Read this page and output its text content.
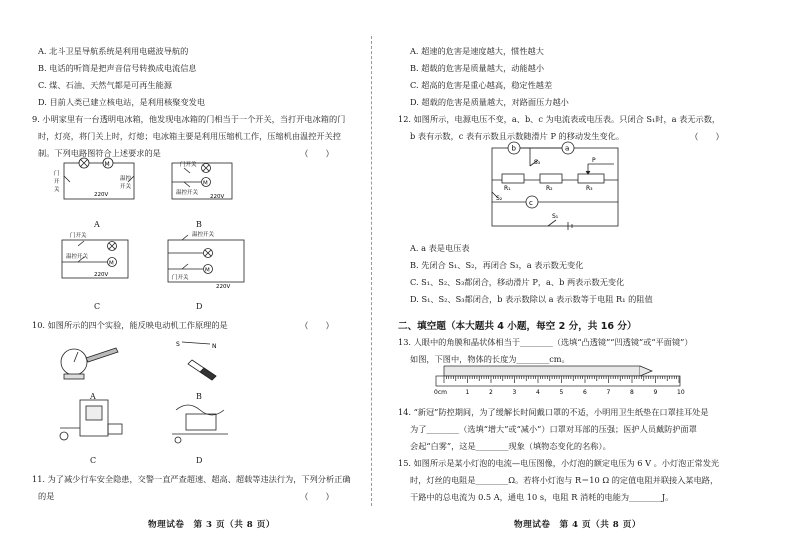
A. 北斗卫星导航系统是利用电磁波导航的
B. 电话的听筒是把声音信号转换成电流信息
C. 煤、石油、天然气都是可再生能源
D. 目前人类已建立核电站，是利用核聚变发电
9. 小明家里有一台透明电冰箱，他发现电冰箱的门相当于一个开关，当打开电冰箱的门
时，灯亮，将门关上时，灯熄；电冰箱主要是利用压缩机工作，压缩机由温控开关控
制。下列电路图符合上述要求的是	（　　）
M
220V
门
开
关
温控
开关
A
M
门开关
温控开关
220V
B
M
门开关
温控开关
220V
C
M
温控开关
门开关
220V
D
10. 如图所示的四个实验，能反映电动机工作原理的是	（　　）
A
S	N
B
C	D
11. 为了减少行车安全隐患，交警一直严查超速、超高、超载等违法行为，下列分析正确
的是	（　　）
物理试卷　第 3 页（共 8 页）
A. 超速的危害是速度越大，惯性越大
B. 超载的危害是质量越大，动能越小
C. 超高的危害是重心越高，稳定性越差
D. 超载的危害是质量越大，对路面压力越小
12. 如图所示，电源电压不变，a、b、c 为电流表或电压表。只闭合 S₁时，a 表无示数，
b 表有示数，c 表有示数且示数随滑片 P 的移动发生变化。	（　　）
b	a
c
S₃
R₁	R₂	R₃
P
S₂
S₁
A. a 表是电压表
B. 先闭合 S₁、S₂，再闭合 S₃，a 表示数无变化
C. S₁、S₂、S₃都闭合，移动滑片 P，a、b 两表示数无变化
D. S₁、S₂、S₃都闭合，b 表示数除以 a 表示数等于电阻 R₁ 的阻值
二、填空题（本大题共 4 小题，每空 2 分，共 16 分）
13. 人眼中的角膜和晶状体相当于________（选填“凸透镜”“凹透镜”或“平面镜”）
如图，下图中，物体的长度为________cm。
0cm	1	2	3	4	5	6	7	8	9	10
14. “新冠”防控期间，为了缓解长时间戴口罩的不适，小明用卫生纸垫在口罩挂耳处是
为了________（选填“增大”或“减小”）口罩对耳部的压强；医护人员戴防护面罩
会起“白雾”，这是________现象（填物态变化的名称）。
15. 如图所示是某小灯泡的电流—电压图像，小灯泡的额定电压为 6 V 。小灯泡正常发光
时，灯丝的电阻是________Ω。若将小灯泡与 R＝10 Ω 的定值电阻并联接入某电路，
干路中的总电流为 0.5 A，通电 10 s，电阻 R 消耗的电能为________J。
物理试卷　第 4 页（共 8 页）
